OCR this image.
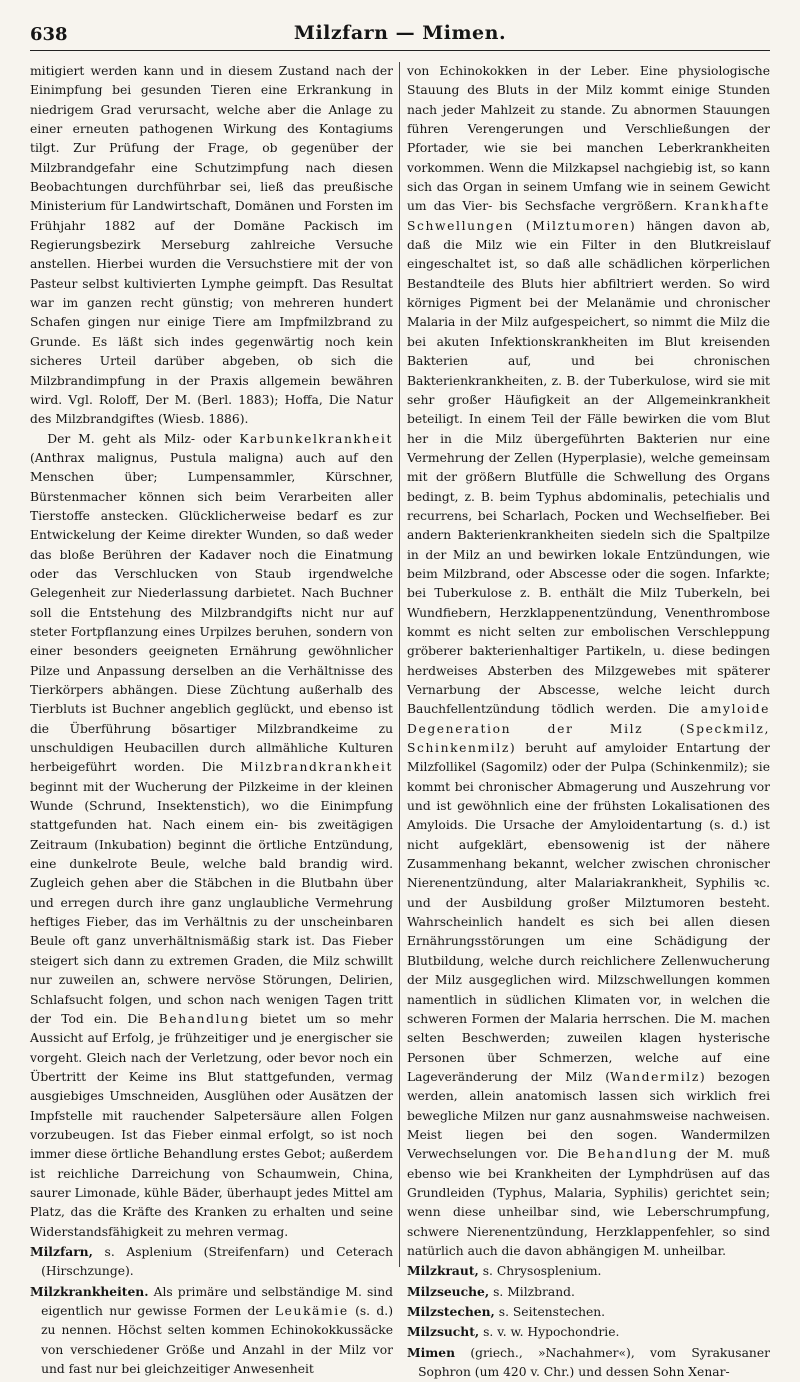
638	Milzfarn — Mimen.

mitigiert werden kann und in diesem Zustand nach der Einimpfung bei gesunden Tieren eine Erkrankung in niedrigem Grad verursacht, welche aber die Anlage zu einer erneuten pathogenen Wirkung des Kontagiums tilgt. Zur Prüfung der Frage, ob gegenüber der Milzbrandgefahr eine Schutzimpfung nach diesen Beobachtungen durchführbar sei, ließ das preußische Ministerium für Landwirtschaft, Domänen und Forsten im Frühjahr 1882 auf der Domäne Packisch im Regierungsbezirk Merseburg zahlreiche Versuche anstellen. Hierbei wurden die Versuchstiere mit der von Pasteur selbst kultivierten Lymphe geimpft. Das Resultat war im ganzen recht günstig; von mehreren hundert Schafen gingen nur einige Tiere am Impfmilzbrand zu Grunde. Es läßt sich indes gegenwärtig noch kein sicheres Urteil darüber abgeben, ob sich die Milzbrandimpfung in der Praxis allgemein bewähren wird. Vgl. Roloff, Der M. (Berl. 1883); Hoffa, Die Natur des Milzbrandgiftes (Wiesb. 1886).

Der M. geht als Milz- oder Karbunkelkrankheit (Anthrax malignus, Pustula maligna) auch auf den Menschen über; Lumpensammler, Kürschner, Bürstenmacher können sich beim Verarbeiten aller Tierstoffe anstecken. Glücklicherweise bedarf es zur Entwickelung der Keime direkter Wunden, so daß weder das bloße Berühren der Kadaver noch die Einatmung oder das Verschlucken von Staub irgendwelche Gelegenheit zur Niederlassung darbietet. Nach Buchner soll die Entstehung des Milzbrandgifts nicht nur auf steter Fortpflanzung eines Urpilzes beruhen, sondern von einer besonders geeigneten Ernährung gewöhnlicher Pilze und Anpassung derselben an die Verhältnisse des Tierkörpers abhängen. Diese Züchtung außerhalb des Tierbluts ist Buchner angeblich geglückt, und ebenso ist die Überführung bösartiger Milzbrandkeime zu unschuldigen Heubacillen durch allmähliche Kulturen herbeigeführt worden. Die Milzbrandkrankheit beginnt mit der Wucherung der Pilzkeime in der kleinen Wunde (Schrund, Insektenstich), wo die Einimpfung stattgefunden hat. Nach einem ein- bis zweitägigen Zeitraum (Inkubation) beginnt die örtliche Entzündung, eine dunkelrote Beule, welche bald brandig wird. Zugleich gehen aber die Stäbchen in die Blutbahn über und erregen durch ihre ganz unglaubliche Vermehrung heftiges Fieber, das im Verhältnis zu der unscheinbaren Beule oft ganz unverhältnismäßig stark ist. Das Fieber steigert sich dann zu extremen Graden, die Milz schwillt nur zuweilen an, schwere nervöse Störungen, Delirien, Schlafsucht folgen, und schon nach wenigen Tagen tritt der Tod ein. Die Behandlung bietet um so mehr Aussicht auf Erfolg, je frühzeitiger und je energischer sie vorgeht. Gleich nach der Verletzung, oder bevor noch ein Übertritt der Keime ins Blut stattgefunden, vermag ausgiebiges Umschneiden, Ausglühen oder Ausätzen der Impfstelle mit rauchender Salpetersäure allen Folgen vorzubeugen. Ist das Fieber einmal erfolgt, so ist noch immer diese örtliche Behandlung erstes Gebot; außerdem ist reichliche Darreichung von Schaumwein, China, saurer Limonade, kühle Bäder, überhaupt jedes Mittel am Platz, das die Kräfte des Kranken zu erhalten und seine Widerstandsfähigkeit zu mehren vermag.

Milzfarn, s. Asplenium (Streifenfarn) und Ceterach (Hirschzunge).

Milzkrankheiten. Als primäre und selbständige M. sind eigentlich nur gewisse Formen der Leukämie (s. d.) zu nennen. Höchst selten kommen Echinokokkussäcke von verschiedener Größe und Anzahl in der Milz vor und fast nur bei gleichzeitiger Anwesenheit

von Echinokokken in der Leber. Eine physiologische Stauung des Bluts in der Milz kommt einige Stunden nach jeder Mahlzeit zu stande. Zu abnormen Stauungen führen Verengerungen und Verschließungen der Pfortader, wie sie bei manchen Leberkrankheiten vorkommen. Wenn die Milzkapsel nachgiebig ist, so kann sich das Organ in seinem Umfang wie in seinem Gewicht um das Vier- bis Sechsfache vergrößern. Krankhafte Schwellungen (Milztumoren) hängen davon ab, daß die Milz wie ein Filter in den Blutkreislauf eingeschaltet ist, so daß alle schädlichen körperlichen Bestandteile des Bluts hier abfiltriert werden. So wird körniges Pigment bei der Melanämie und chronischer Malaria in der Milz aufgespeichert, so nimmt die Milz die bei akuten Infektionskrankheiten im Blut kreisenden Bakterien auf, und bei chronischen Bakterienkrankheiten, z. B. der Tuberkulose, wird sie mit sehr großer Häufigkeit an der Allgemeinkrankheit beteiligt. In einem Teil der Fälle bewirken die vom Blut her in die Milz übergeführten Bakterien nur eine Vermehrung der Zellen (Hyperplasie), welche gemeinsam mit der größern Blutfülle die Schwellung des Organs bedingt, z. B. beim Typhus abdominalis, petechialis und recurrens, bei Scharlach, Pocken und Wechselfieber. Bei andern Bakterienkrankheiten siedeln sich die Spaltpilze in der Milz an und bewirken lokale Entzündungen, wie beim Milzbrand, oder Abscesse oder die sogen. Infarkte; bei Tuberkulose z. B. enthält die Milz Tuberkeln, bei Wundfiebern, Herzklappenentzündung, Venenthrombose kommt es nicht selten zur embolischen Verschleppung gröberer bakterienhaltiger Partikeln, u. diese bedingen herdweises Absterben des Milzgewebes mit späterer Vernarbung der Abscesse, welche leicht durch Bauchfellentzündung tödlich werden. Die amyloide Degeneration der Milz (Speckmilz, Schinkenmilz) beruht auf amyloider Entartung der Milzfollikel (Sagomilz) oder der Pulpa (Schinkenmilz); sie kommt bei chronischer Abmagerung und Auszehrung vor und ist gewöhnlich eine der frühsten Lokalisationen des Amyloids. Die Ursache der Amyloidentartung (s. d.) ist nicht aufgeklärt, ebensowenig ist der nähere Zusammenhang bekannt, welcher zwischen chronischer Nierenentzündung, alter Malariakrankheit, Syphilis ꝛc. und der Ausbildung großer Milztumoren besteht. Wahrscheinlich handelt es sich bei allen diesen Ernährungsstörungen um eine Schädigung der Blutbildung, welche durch reichlichere Zellenwucherung der Milz ausgeglichen wird. Milzschwellungen kommen namentlich in südlichen Klimaten vor, in welchen die schweren Formen der Malaria herrschen. Die M. machen selten Beschwerden; zuweilen klagen hysterische Personen über Schmerzen, welche auf eine Lageveränderung der Milz (Wandermilz) bezogen werden, allein anatomisch lassen sich wirklich frei bewegliche Milzen nur ganz ausnahmsweise nachweisen. Meist liegen bei den sogen. Wandermilzen Verwechselungen vor. Die Behandlung der M. muß ebenso wie bei Krankheiten der Lymphdrüsen auf das Grundleiden (Typhus, Malaria, Syphilis) gerichtet sein; wenn diese unheilbar sind, wie Leberschrumpfung, schwere Nierenentzündung, Herzklappenfehler, so sind natürlich auch die davon abhängigen M. unheilbar.

Milzkraut, s. Chrysosplenium.

Milzseuche, s. Milzbrand.

Milzstechen, s. Seitenstechen.

Milzsucht, s. v. w. Hypochondrie.

Mimen (griech., »Nachahmer«), vom Syrakusaner Sophron (um 420 v. Chr.) und dessen Sohn Xenar-
